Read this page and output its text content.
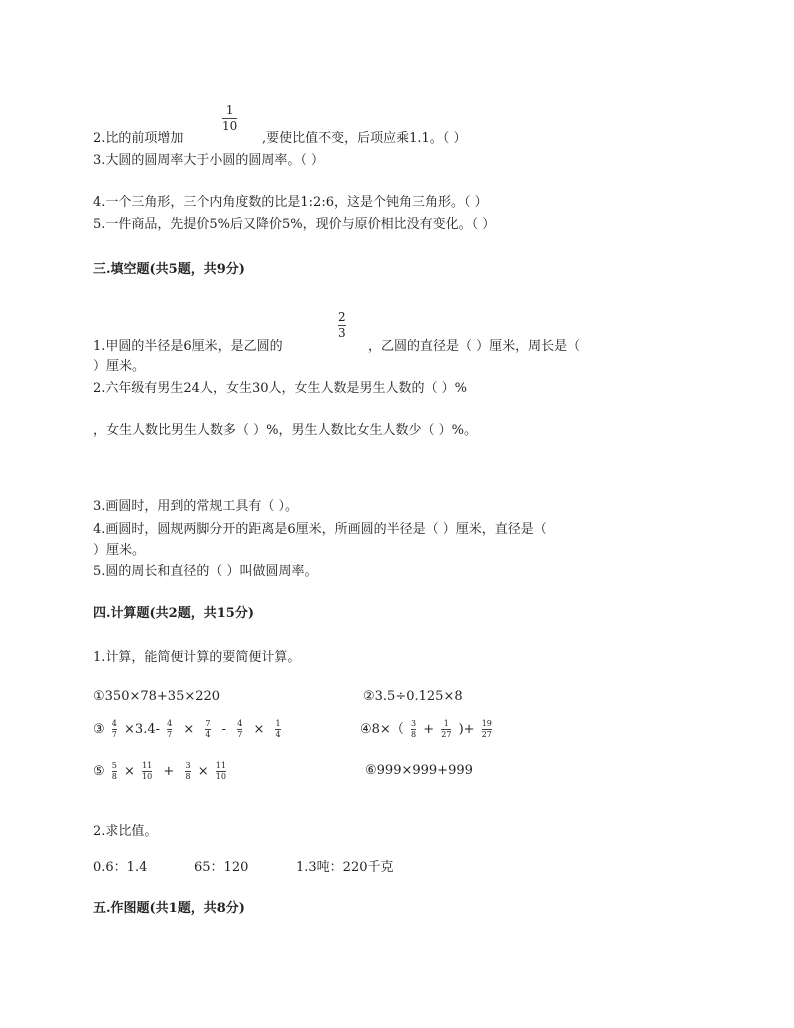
2.比的前项增加
1
10
,要使比值不变，后项应乘1.1。（ ）
3.大圆的圆周率大于小圆的圆周率。（ ）
4.一个三角形，三个内角度数的比是1:2:6，这是个钝角三角形。（ ）
5.一件商品，先提价5%后又降价5%，现价与原价相比没有变化。（ ）
三.填空题(共5题，共9分)
1.甲圆的半径是6厘米，是乙圆的
2
3
，乙圆的直径是（ ）厘米，周长是（
）厘米。
2.六年级有男生24人，女生30人，女生人数是男生人数的（ ）%
，女生人数比男生人数多（ ）%，男生人数比女生人数少（ ）%。
3.画圆时，用到的常规工具有（ ）。
4.画圆时，圆规两脚分开的距离是6厘米，所画圆的半径是（ ）厘米，直径是（
）厘米。
5.圆的周长和直径的（ ）叫做圆周率。
四.计算题(共2题，共15分)
1.计算，能简便计算的要简便计算。
①350×78+35×220	②3.5÷0.125×8
③ $\frac{4}{7} \times 3.4- \frac{4}{7} \times \frac{7}{4} - \frac{4}{7} \times \frac{1}{4}$	④8×（ $\frac{3}{8} + \frac{1}{27}$ )+ $\frac{19}{27}$
⑤ $\frac{5}{8} \times \frac{11}{10} + \frac{3}{8} \times \frac{11}{10}$	⑥999×999+999
2.求比值。
0.6：1.4	65：120	1.3吨：220千克
五.作图题(共1题，共8分)
